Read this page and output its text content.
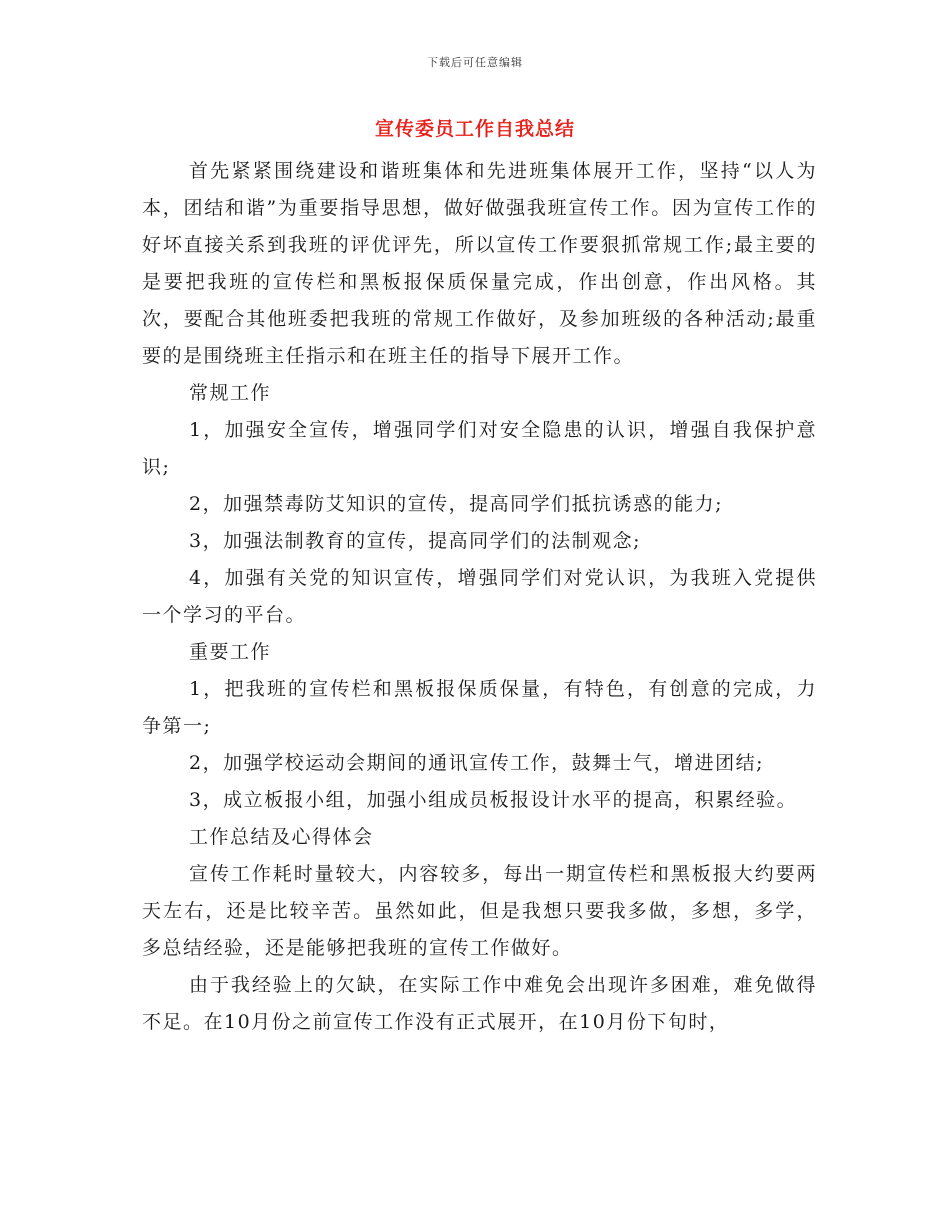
下载后可任意编辑
宣传委员工作自我总结

首先紧紧围绕建设和谐班集体和先进班集体展开工作，坚持“以人为本，团结和谐”为重要指导思想，做好做强我班宣传工作。因为宣传工作的好坏直接关系到我班的评优评先，所以宣传工作要狠抓常规工作;最主要的是要把我班的宣传栏和黑板报保质保量完成，作出创意，作出风格。其次，要配合其他班委把我班的常规工作做好，及参加班级的各种活动;最重要的是围绕班主任指示和在班主任的指导下展开工作。

常规工作

1，加强安全宣传，增强同学们对安全隐患的认识，增强自我保护意识;

2，加强禁毒防艾知识的宣传，提高同学们抵抗诱惑的能力;

3，加强法制教育的宣传，提高同学们的法制观念;

4，加强有关党的知识宣传，增强同学们对党认识，为我班入党提供一个学习的平台。

重要工作

1，把我班的宣传栏和黑板报保质保量，有特色，有创意的完成，力争第一;

2，加强学校运动会期间的通讯宣传工作，鼓舞士气，增进团结;

3，成立板报小组，加强小组成员板报设计水平的提高，积累经验。

工作总结及心得体会

宣传工作耗时量较大，内容较多，每出一期宣传栏和黑板报大约要两天左右，还是比较辛苦。虽然如此，但是我想只要我多做，多想，多学，多总结经验，还是能够把我班的宣传工作做好。

由于我经验上的欠缺，在实际工作中难免会出现许多困难，难免做得不足。在10月份之前宣传工作没有正式展开，在10月份下旬时，
